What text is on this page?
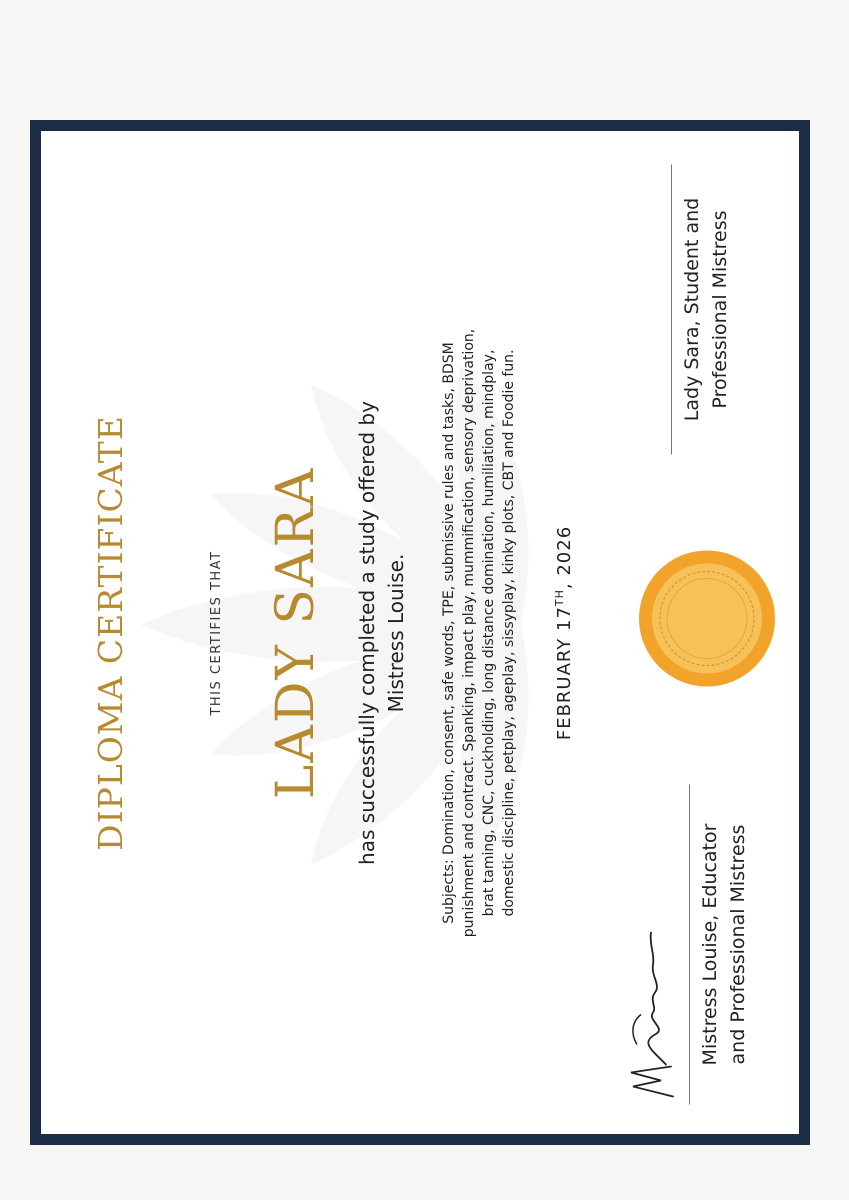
DIPLOMA CERTIFICATE	THIS CERTIFIES THAT LADY SARA has successfully completed a study offered by Mistress Louise. Subjects: Domination, consent, safe words, TPE, submissive rules and tasks, BDSM punishment and contract. Spanking, impact play, mummification, sensory deprivation, brat taming, CNC, cuckholding, long distance domination, humiliation, mindplay, domestic discipline, petplay, ageplay, sissyplay, kinky plots, CBT and Foodie fun. FEBRUARY 17TH, 2026
Mistress Louise, Educator and Professional Mistress
Lady Sara, Student and Professional Mistress
